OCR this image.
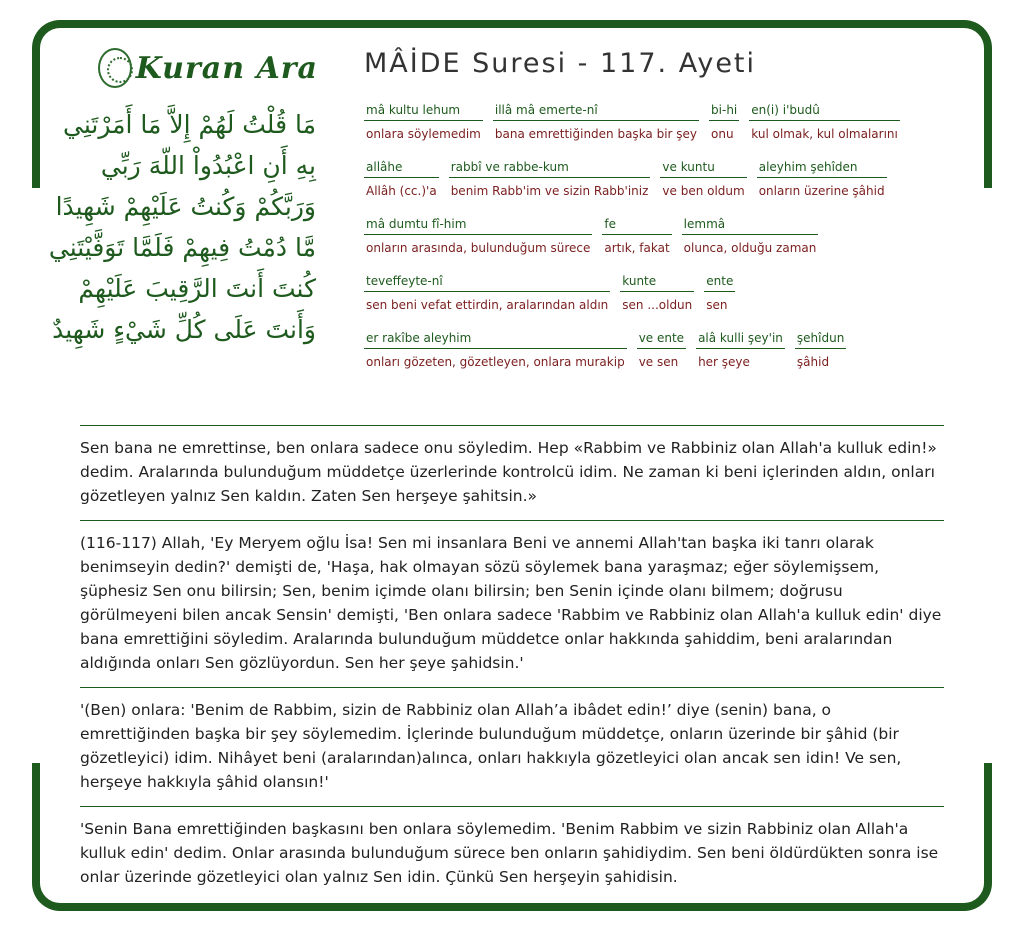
Kuran Ara
مَا قُلْتُ لَهُمْ إِلاَّ مَا أَمَرْتَنِي بِهِ أَنِ اعْبُدُواْ اللّهَ رَبِّي وَرَبَّكُمْ وَكُنتُ عَلَيْهِمْ شَهِيدًا مَّا دُمْتُ فِيهِمْ فَلَمَّا تَوَفَّيْتَنِي كُنتَ أَنتَ الرَّقِيبَ عَلَيْهِمْ وَأَنتَ عَلَى كُلِّ شَيْءٍ شَهِيدٌ
MÂİDE Suresi - 117. Ayeti
mâ kultu lehum
onlara söylemedim
illâ mâ emerte-nî
bana emrettiğinden başka bir şey
bi-hi
onu
en(i) i'budû
kul olmak, kul olmalarını
allâhe
Allâh (cc.)'a
rabbî ve rabbe-kum
benim Rabb'im ve sizin Rabb'iniz
ve kuntu
ve ben oldum
aleyhim şehîden
onların üzerine şâhid
mâ dumtu fî-him
onların arasında, bulunduğum sürece
fe
artık, fakat
lemmâ
olunca, olduğu zaman
teveffeyte-nî
sen beni vefat ettirdin, aralarından aldın
kunte
sen ...oldun
ente
sen
er rakîbe aleyhim
onları gözeten, gözetleyen, onlara murakip
ve ente
ve sen
alâ kulli şey'in
her şeye
şehîdun
şâhid
Sen bana ne emrettinse, ben onlara sadece onu söyledim. Hep «Rabbim ve Rabbiniz olan Allah'a kulluk edin!» dedim. Aralarında bulunduğum müddetçe üzerlerinde kontrolcü idim. Ne zaman ki beni içlerinden aldın, onları gözetleyen yalnız Sen kaldın. Zaten Sen herşeye şahitsin.»
(116-117) Allah, 'Ey Meryem oğlu İsa! Sen mi insanlara Beni ve annemi Allah'tan başka iki tanrı olarak benimseyin dedin?' demişti de, 'Haşa, hak olmayan sözü söylemek bana yaraşmaz; eğer söylemişsem, şüphesiz Sen onu bilirsin; Sen, benim içimde olanı bilirsin; ben Senin içinde olanı bilmem; doğrusu görülmeyeni bilen ancak Sensin' demişti, 'Ben onlara sadece 'Rabbim ve Rabbiniz olan Allah'a kulluk edin' diye bana emrettiğini söyledim. Aralarında bulunduğum müddetce onlar hakkında şahiddim, beni aralarından aldığında onları Sen gözlüyordun. Sen her şeye şahidsin.'
'(Ben) onlara: 'Benim de Rabbim, sizin de Rabbiniz olan Allah’a ibâdet edin!’ diye (senin) bana, o emrettiğinden başka bir şey söylemedim. İçlerinde bulunduğum müddetçe, onların üzerinde bir şâhid (bir gözetleyici) idim. Nihâyet beni (aralarından)alınca, onları hakkıyla gözetleyici olan ancak sen idin! Ve sen, herşeye hakkıyla şâhid olansın!'
'Senin Bana emrettiğinden başkasını ben onlara söylemedim. 'Benim Rabbim ve sizin Rabbiniz olan Allah'a kulluk edin' dedim. Onlar arasında bulunduğum sürece ben onların şahidiydim. Sen beni öldürdükten sonra ise onlar üzerinde gözetleyici olan yalnız Sen idin. Çünkü Sen herşeyin şahidisin.
